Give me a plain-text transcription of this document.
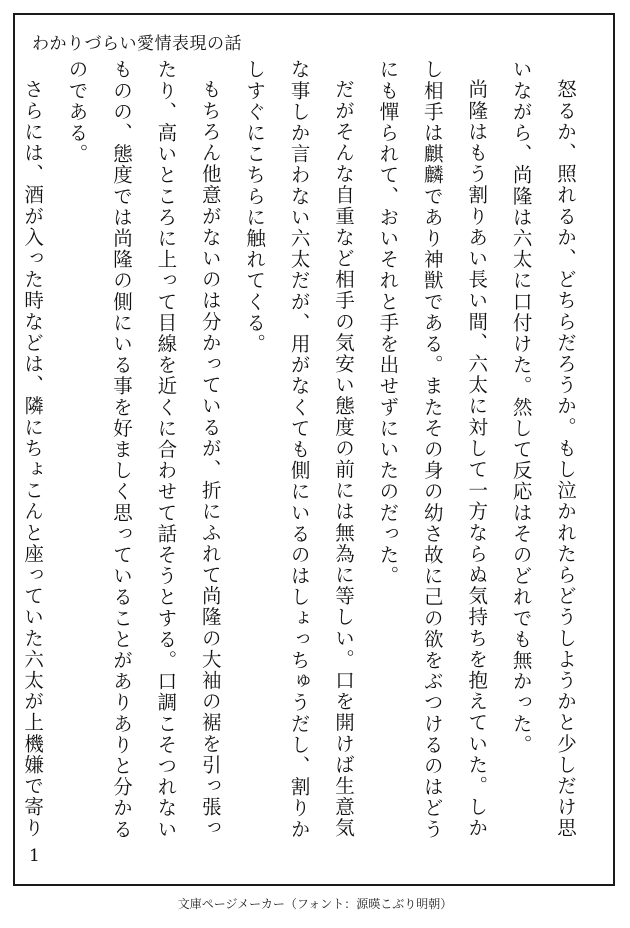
わかりづらい愛情表現の話

怒るか、照れるか、どちらだろうか。もし泣かれたらどうしようかと少しだけ思いながら、尚隆は六太に口付けた。然して反応はそのどれでも無かった。

尚隆はもう割りあい長い間、六太に対して一方ならぬ気持ちを抱えていた。しかし相手は麒麟であり神獣である。またその身の幼さ故に己の欲をぶつけるのはどうにも憚られて、おいそれと手を出せずにいたのだった。

だがそんな自重など相手の気安い態度の前には無為に等しい。口を開けば生意気な事しか言わない六太だが、用がなくても側にいるのはしょっちゅうだし、割りかしすぐにこちらに触れてくる。

もちろん他意がないのは分かっているが、折にふれて尚隆の大袖の裾を引っ張ったり、高いところに上って目線を近くに合わせて話そうとする。口調こそつれないものの、態度では尚隆の側にいる事を好ましく思っていることがありありと分かるのである。

さらには、酒が入った時などは、隣にちょこんと座っていた六太が上機嫌で寄り

1
文庫ページメーカー（フォント：源暎こぶり明朝）
